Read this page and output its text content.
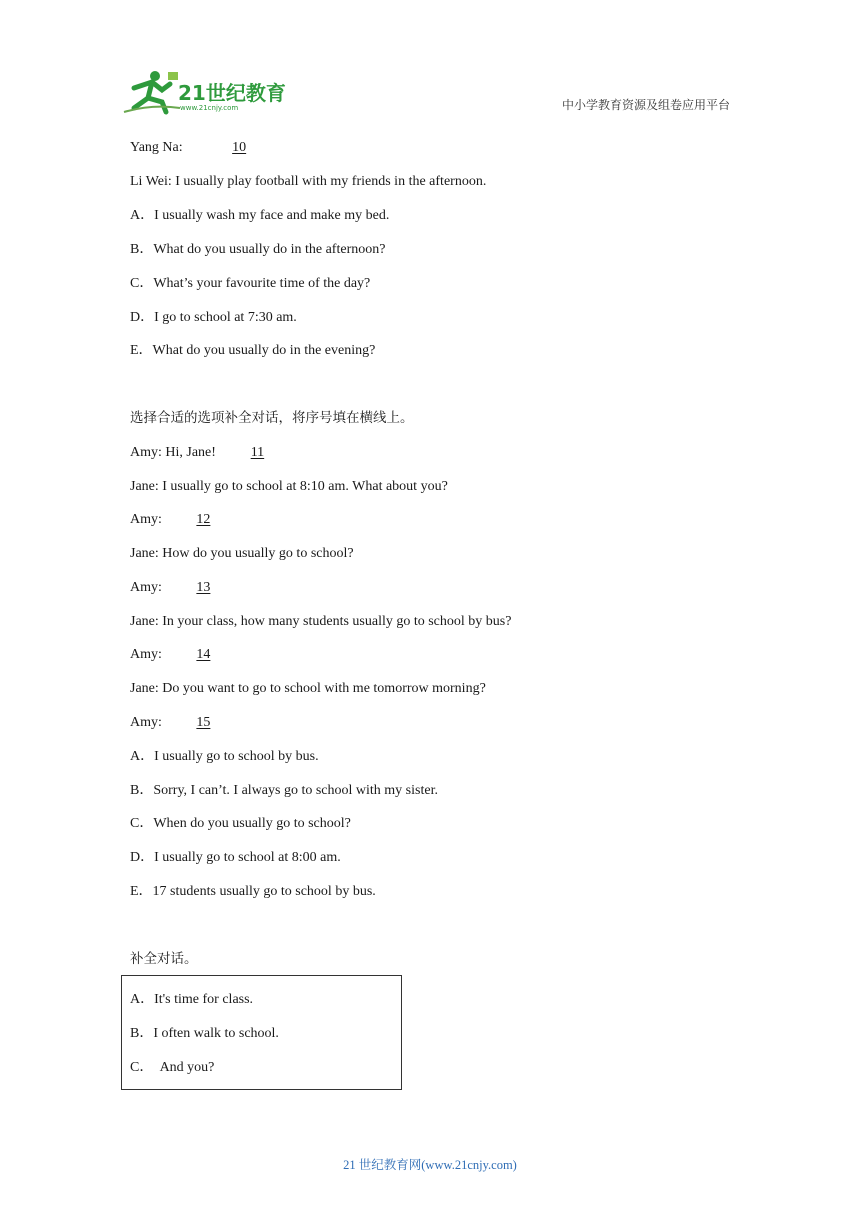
21世纪教育
www.21cnjy.com	中小学教育资源及组卷应用平台
Yang Na:	10
Li Wei: I usually play football with my friends in the afternoon.
A．I usually wash my face and make my bed.
B．What do you usually do in the afternoon?
C．What’s your favourite time of the day?
D．I go to school at 7:30 am.
E．What do you usually do in the evening?
选择合适的选项补全对话，将序号填在横线上。
Amy: Hi, Jane! 11
Jane: I usually go to school at 8:10 am. What about you?
Amy: 12
Jane: How do you usually go to school?
Amy: 13
Jane: In your class, how many students usually go to school by bus?
Amy: 14
Jane: Do you want to go to school with me tomorrow morning?
Amy: 15
A．I usually go to school by bus.
B．Sorry, I can’t. I always go to school with my sister.
C．When do you usually go to school?
D．I usually go to school at 8:00 am.
E．17 students usually go to school by bus.
补全对话。
A．It's time for class.
B．I often walk to school.
C．  And you?
21 世纪教育网(www.21cnjy.com)
